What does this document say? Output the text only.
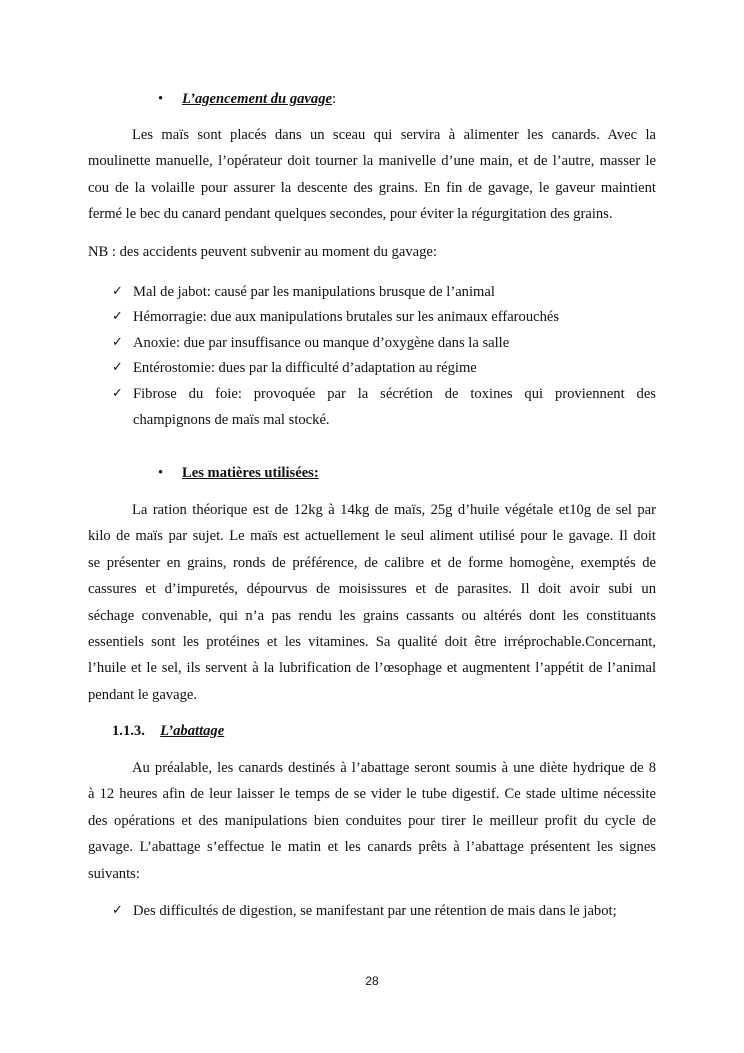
• L’agencement du gavage:
Les maïs sont placés dans un sceau qui servira à alimenter les canards. Avec la
moulinette manuelle, l’opérateur doit tourner la manivelle d’une main, et de l’autre, masser le
cou de la volaille pour assurer la descente des grains. En fin de gavage, le gaveur maintient
fermé le bec du canard pendant quelques secondes, pour éviter la régurgitation des grains.
NB : des accidents peuvent subvenir au moment du gavage:
✓ Mal de jabot: causé par les manipulations brusque de l’animal
✓ Hémorragie: due aux manipulations brutales sur les animaux effarouchés
✓ Anoxie: due par insuffisance ou manque d’oxygène dans la salle
✓ Entérostomie: dues par la difficulté d’adaptation au régime
✓ Fibrose du foie: provoquée par la sécrétion de toxines qui proviennent des
champignons de maïs mal stocké.
• Les matières utilisées:
La ration théorique est de 12kg à 14kg de maïs, 25g d’huile végétale et10g de sel par
kilo de maïs par sujet. Le maïs est actuellement le seul aliment utilisé pour le gavage. Il doit
se présenter en grains, ronds de préférence, de calibre et de forme homogène, exemptés de
cassures et d’impuretés, dépourvus de moisissures et de parasites. Il doit avoir subi un
séchage convenable, qui n’a pas rendu les grains cassants ou altérés dont les constituants
essentiels sont les protéines et les vitamines. Sa qualité doit être irréprochable.Concernant,
l’huile et le sel, ils servent à la lubrification de l’œsophage et augmentent l’appétit de l’animal
pendant le gavage.
1.1.3. L’abattage
Au préalable, les canards destinés à l’abattage seront soumis à une diète hydrique de 8
à 12 heures afin de leur laisser le temps de se vider le tube digestif. Ce stade ultime nécessite
des opérations et des manipulations bien conduites pour tirer le meilleur profit du cycle de
gavage. L’abattage s’effectue le matin et les canards prêts à l’abattage présentent les signes
suivants:
✓ Des difficultés de digestion, se manifestant par une rétention de mais dans le jabot;
28
